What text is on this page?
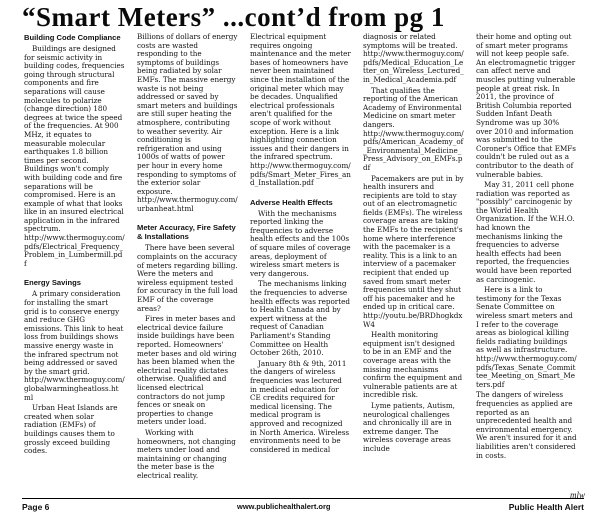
“Smart Meters” ...cont’d from pg 1
Building Code Compliance

Buildings are designed for seismic activity in building codes, frequencies going through structural components and fire separations will cause molecules to polarize (change direction) 180 degrees at twice the speed of the frequencies. At 900 MHz, it equates to measurable molecular earthquakes 1.8 billion times per second. Buildings won't comply with building code and fire separations will be compromised. Here is an example of what that looks like in an insured electrical application in the infrared spectrum. http://www.thermoguy.com/pdfs/Electrical_Frequency_Problem_in_Lumbermill.pdf

Energy Savings

A primary consideration for installing the smart grid is to conserve energy and reduce GHG emissions. This link to heat loss from buildings shows massive energy waste in the infrared spectrum not being addressed or saved by the smart grid. http://www.thermoguy.com/globalwarmingheatloss.html

Urban Heat Islands are created when solar radiation (EMFs) of buildings causes them to grossly exceed building codes.

Billions of dollars of energy costs are wasted responding to the symptoms of buildings being radiated by solar EMFs. The massive energy waste is not being addressed or saved by smart meters and buildings are still super heating the atmosphere, contributing to weather severity. Air conditioning is refrigeration and using 1000s of watts of power per hour in every home responding to symptoms of the exterior solar exposure. http://www.thermoguy.com/urbanheat.html

Meter Accuracy, Fire Safety & Installations

There have been several complaints on the accuracy of meters regarding billing. Were the meters and wireless equipment tested for accuracy in the full load EMF of the coverage areas?

Fires in meter bases and electrical device failure inside buildings have been reported. Homeowners' meter bases and old wiring has been blamed when the electrical reality dictates otherwise. Qualified and licensed electrical contractors do not jump fences or sneak on properties to change meters under load.

Working with homeowners, not changing meters under load and maintaining or changing the meter base is the electrical reality.

Electrical equipment requires ongoing maintenance and the meter bases of homeowners have never been maintained since the installation of the original meter which may be decades. Unqualified electrical professionals aren't qualified for the scope of work without exception. Here is a link highlighting connection issues and their dangers in the infrared spectrum. http://www.thermoguy.com/pdfs/Smart_Meter_Fires_and_Installation.pdf

Adverse Health Effects

With the mechanisms reported linking the frequencies to adverse health effects and the 100s of square miles of coverage areas, deployment of wireless smart meters is very dangerous.

The mechanisms linking the frequencies to adverse health effects was reported to Health Canada and by expert witness at the request of Canadian Parliament's Standing Committee on Health October 26th, 2010.

January 8th & 9th, 2011 the dangers of wireless frequencies was lectured in medical education for CE credits required for medical licensing. The medical program is approved and recognized in North America. Wireless environments need to be considered in medical

diagnosis or related symptoms will be treated. http://www.thermoguy.com/pdfs/Medical_Education_Letter_on_Wireless_Lectured_in_Medical_Academia.pdf

That qualifies the reporting of the American Academy of Environmental Medicine on smart meter dangers. http://www.thermoguy.com/pdfs/American_Academy_of_Environmental_Medicine_Press_Advisory_on_EMFs.pdf

Pacemakers are put in by health insurers and recipients are told to stay out of an electromagnetic fields (EMFs). The wireless coverage areas are taking the EMFs to the recipient's home where interference with the pacemaker is a reality. This is a link to an interview of a pacemaker recipient that ended up saved from smart meter frequencies until they shut off his pacemaker and he ended up in critical care. http://youtu.be/BRDhogkdxW4

Health monitoring equipment isn't designed to be in an EMF and the coverage areas with the missing mechanisms confirm the equipment and vulnerable patients are at incredible risk.

Lyme patients, Autism, neurological challenges and chronically ill are in extreme danger. The wireless coverage areas include

their home and opting out of smart meter programs will not keep people safe. An electromagnetic trigger can affect nerve and muscles putting vulnerable people at great risk. In 2011, the province of British Columbia reported Sudden Infant Death Syndrome was up 30% over 2010 and information was submitted to the Coroner's Office that EMFs couldn't be ruled out as a contributor to the death of vulnerable babies.

May 31, 2011 cell phone radiation was reported as "possibly" carcinogenic by the World Health Organization. If the W.H.O. had known the mechanisms linking the frequencies to adverse health effects had been reported, the frequencies would have been reported as carcinogenic.

Here is a link to testimony for the Texas Senate Committee on wireless smart meters and I refer to the coverage areas as biological killing fields radiating buildings as well as infrastructure. http://www.thermoguy.com/pdfs/Texas_Senate_Committee_Meeting_on_Smart_Meters.pdf

The dangers of wireless frequencies as applied are reported as an unprecedented health and environmental emergency. We aren't insured for it and liabilities aren't considered in costs.

mlw
Page 6	www.publichealthalert.org	Public Health Alert
